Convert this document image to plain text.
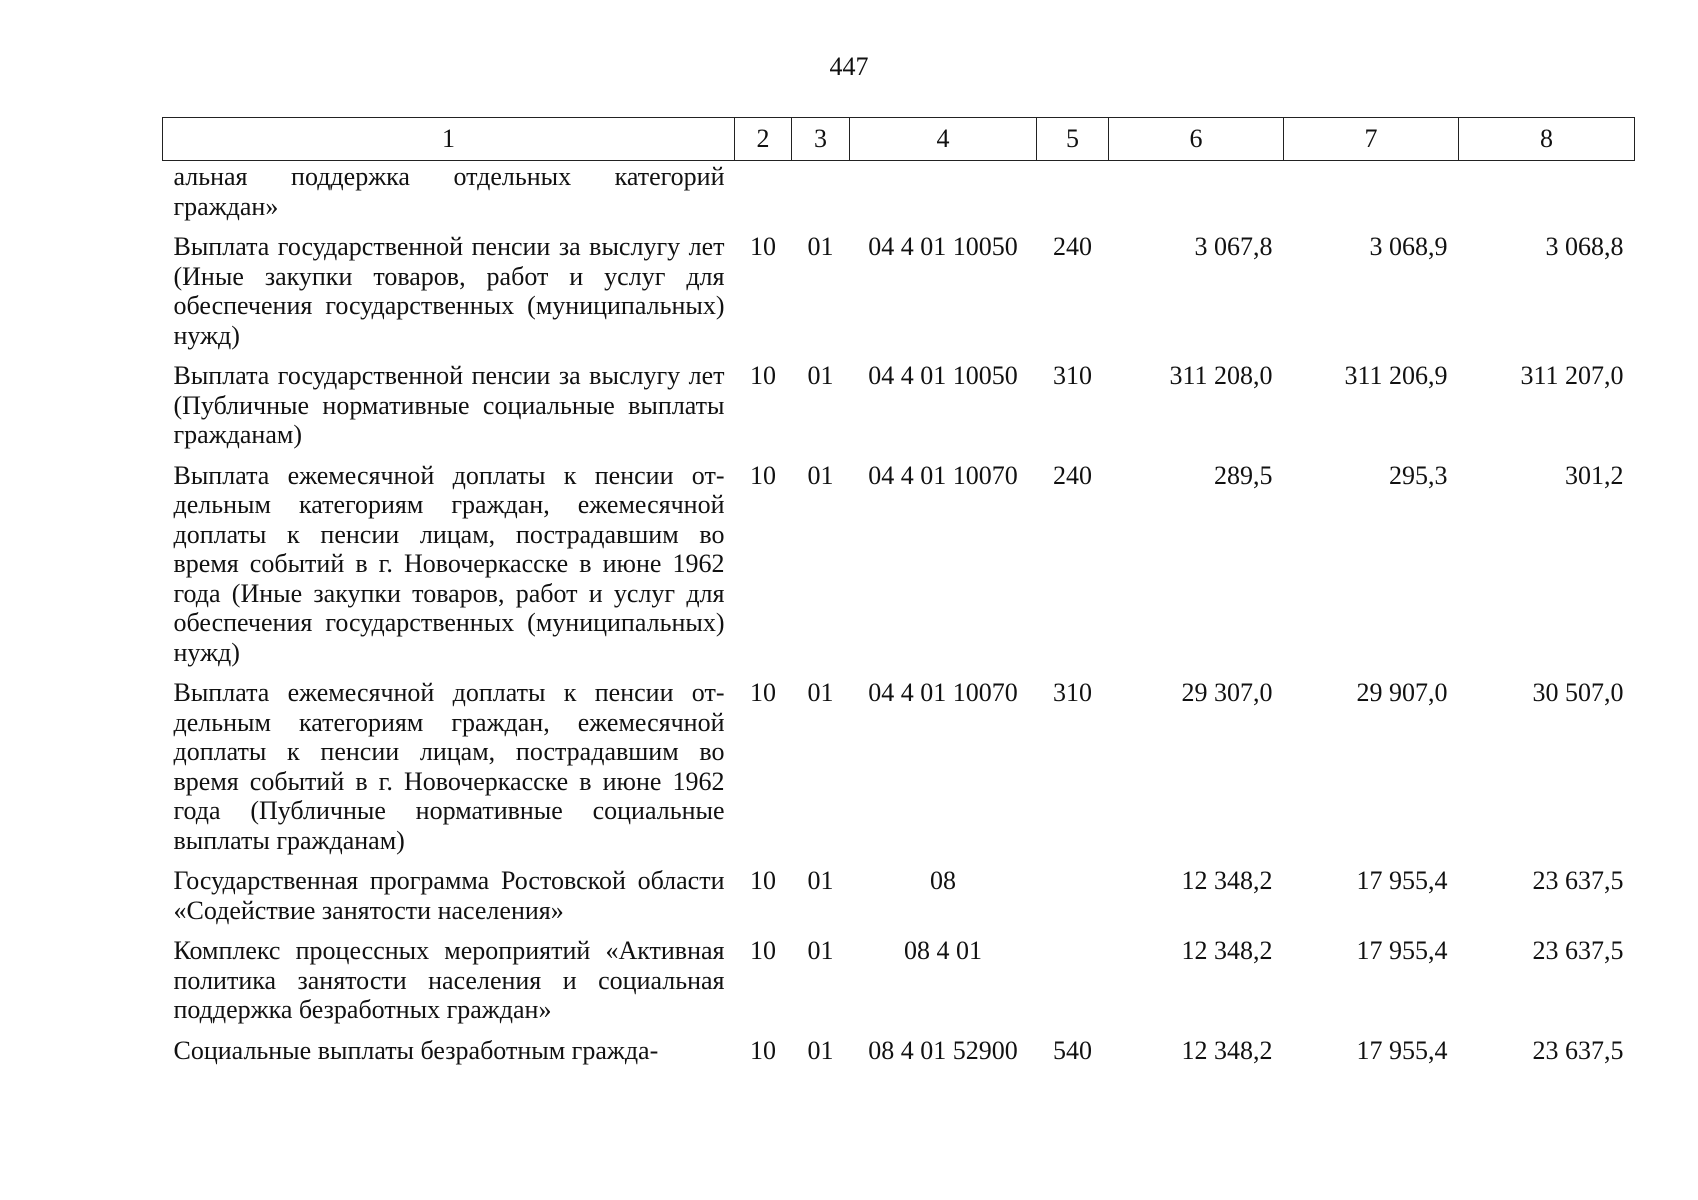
447
1	2	3	4	5	6	7	8
альная поддержка отдельных категорий граждан»							
Выплата государственной пенсии за выслугу лет (Иные закупки товаров, работ и услуг для обеспечения государственных (муниципальных) нужд)	10	01	04 4 01 10050	240	3 067,8	3 068,9	3 068,8
Выплата государственной пенсии за выслугу лет (Публичные нормативные социальные выплаты гражданам)	10	01	04 4 01 10050	310	311 208,0	311 206,9	311 207,0
Выплата ежемесячной доплаты к пенсии отдельным категориям граждан, ежемесячной доплаты к пенсии лицам, пострадавшим во время событий в г. Новочеркасске в июне 1962 года (Иные закупки товаров, работ и услуг для обеспечения государственных (муниципальных) нужд)	10	01	04 4 01 10070	240	289,5	295,3	301,2
Выплата ежемесячной доплаты к пенсии отдельным категориям граждан, ежемесячной доплаты к пенсии лицам, пострадавшим во время событий в г. Новочеркасске в июне 1962 года (Публичные нормативные социальные выплаты гражданам)	10	01	04 4 01 10070	310	29 307,0	29 907,0	30 507,0
Государственная программа Ростовской области «Содействие занятости населения»	10	01	08		12 348,2	17 955,4	23 637,5
Комплекс процессных мероприятий «Активная политика занятости населения и социальная поддержка безработных граждан»	10	01	08 4 01		12 348,2	17 955,4	23 637,5
Социальные выплаты безработным гражда-	10	01	08 4 01 52900	540	12 348,2	17 955,4	23 637,5
